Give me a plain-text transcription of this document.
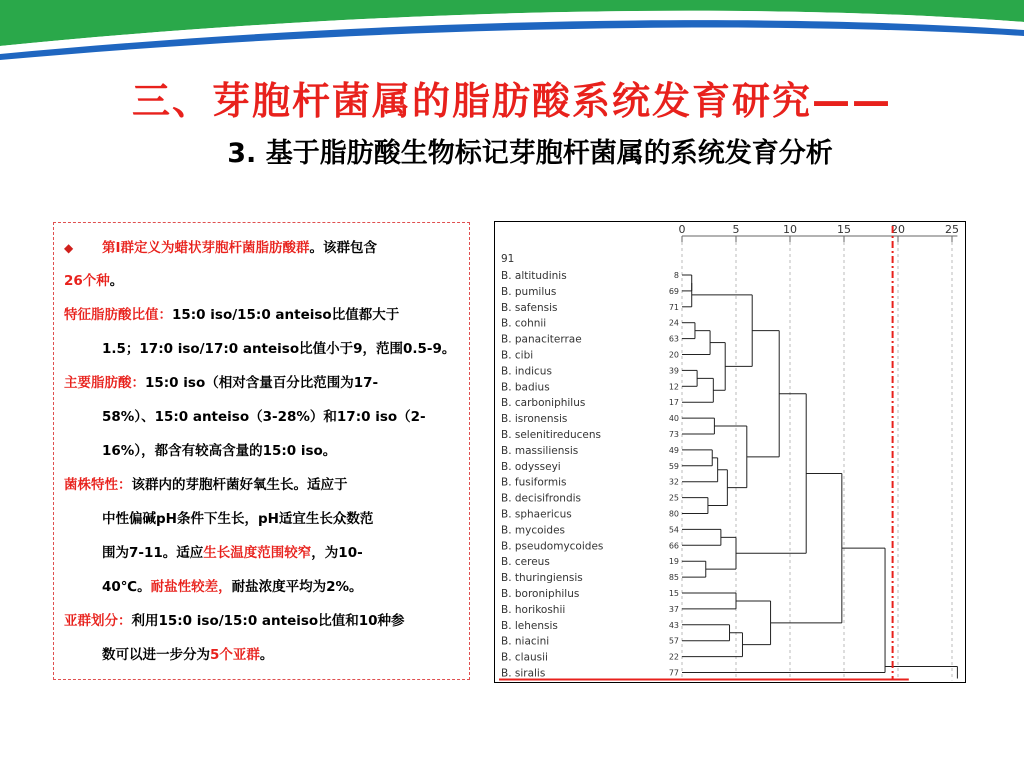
三、芽胞杆菌属的脂肪酸系统发育研究——
3. 基于脂肪酸生物标记芽胞杆菌属的系统发育分析

◆ 第Ⅰ群定义为蜡状芽胞杆菌脂肪酸群。该群包含

26个种。

特征脂肪酸比值：15:0 iso/15:0 anteiso比值都大于

1.5；17:0 iso/17:0 anteiso比值小于9，范围0.5-9。

主要脂肪酸：15:0 iso（相对含量百分比范围为17-

58%）、15:0 anteiso（3-28%）和17:0 iso（2-

16%），都含有较高含量的15:0 iso。

菌株特性：该群内的芽胞杆菌好氧生长。适应于

中性偏碱pH条件下生长，pH适宜生长众数范

围为7-11。适应生长温度范围较窄，为10-

40℃。耐盐性较差，耐盐浓度平均为2%。

亚群划分：利用15:0 iso/15:0 anteiso比值和10种参

数可以进一步分为5个亚群。

0	5	10	15	20	25
91
B. altitudinis	8
B. pumilus	69
B. safensis	71
B. cohnii	24
B. panaciterrae	63
B. cibi	20
B. indicus	39
B. badius	12
B. carboniphilus	17
B. isronensis	40
B. selenitireducens	73
B. massiliensis	49
B. odysseyi	59
B. fusiformis	32
B. decisifrondis	25
B. sphaericus	80
B. mycoides	54
B. pseudomycoides	66
B. cereus	19
B. thuringiensis	85
B. boroniphilus	15
B. horikoshii	37
B. lehensis	43
B. niacini	57
B. clausii	22
B. siralis	77
